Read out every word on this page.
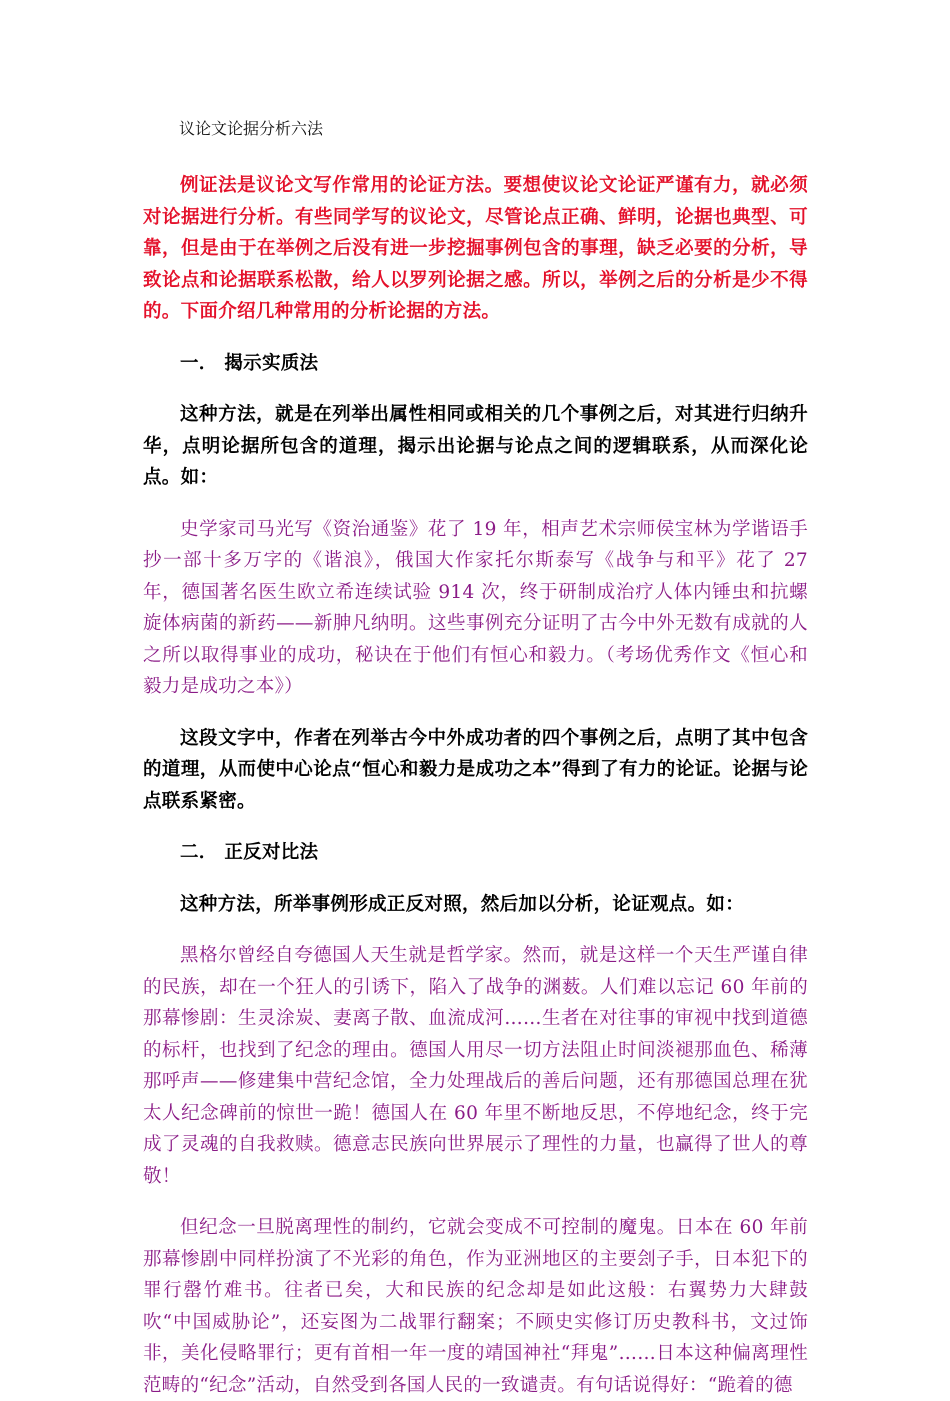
议论文论据分析六法

例证法是议论文写作常用的论证方法。要想使议论文论证严谨有力，就必须对论据进行分析。有些同学写的议论文，尽管论点正确、鲜明，论据也典型、可靠，但是由于在举例之后没有进一步挖掘事例包含的事理，缺乏必要的分析，导致论点和论据联系松散，给人以罗列论据之感。所以，举例之后的分析是少不得的。下面介绍几种常用的分析论据的方法。

一． 揭示实质法

这种方法，就是在列举出属性相同或相关的几个事例之后，对其进行归纳升华，点明论据所包含的道理，揭示出论据与论点之间的逻辑联系，从而深化论点。如：

史学家司马光写《资治通鉴》花了 19 年，相声艺术宗师侯宝林为学谐语手抄一部十多万字的《谐浪》，俄国大作家托尔斯泰写《战争与和平》花了 27 年，德国著名医生欧立希连续试验 914 次，终于研制成治疗人体内锤虫和抗螺旋体病菌的新药——新胂凡纳明。这些事例充分证明了古今中外无数有成就的人之所以取得事业的成功，秘诀在于他们有恒心和毅力。（考场优秀作文《恒心和毅力是成功之本》）

这段文字中，作者在列举古今中外成功者的四个事例之后，点明了其中包含的道理，从而使中心论点“恒心和毅力是成功之本”得到了有力的论证。论据与论点联系紧密。

二． 正反对比法

这种方法，所举事例形成正反对照，然后加以分析，论证观点。如：

黑格尔曾经自夸德国人天生就是哲学家。然而，就是这样一个天生严谨自律的民族，却在一个狂人的引诱下，陷入了战争的渊薮。人们难以忘记 60 年前的那幕惨剧：生灵涂炭、妻离子散、血流成河……生者在对往事的审视中找到道德的标杆，也找到了纪念的理由。德国人用尽一切方法阻止时间淡褪那血色、稀薄那呼声——修建集中营纪念馆，全力处理战后的善后问题，还有那德国总理在犹太人纪念碑前的惊世一跪！德国人在 60 年里不断地反思，不停地纪念，终于完成了灵魂的自我救赎。德意志民族向世界展示了理性的力量，也赢得了世人的尊敬！

但纪念一旦脱离理性的制约，它就会变成不可控制的魔鬼。日本在 60 年前那幕惨剧中同样扮演了不光彩的角色，作为亚洲地区的主要刽子手，日本犯下的罪行罄竹难书。往者已矣，大和民族的纪念却是如此这般：右翼势力大肆鼓吹“中国威胁论”，还妄图为二战罪行翻案；不顾史实修订历史教科书，文过饰非，美化侵略罪行；更有首相一年一度的靖国神社“拜鬼”……日本这种偏离理性范畴的“纪念”活动，自然受到各国人民的一致谴责。有句话说得好：“跪着的德
